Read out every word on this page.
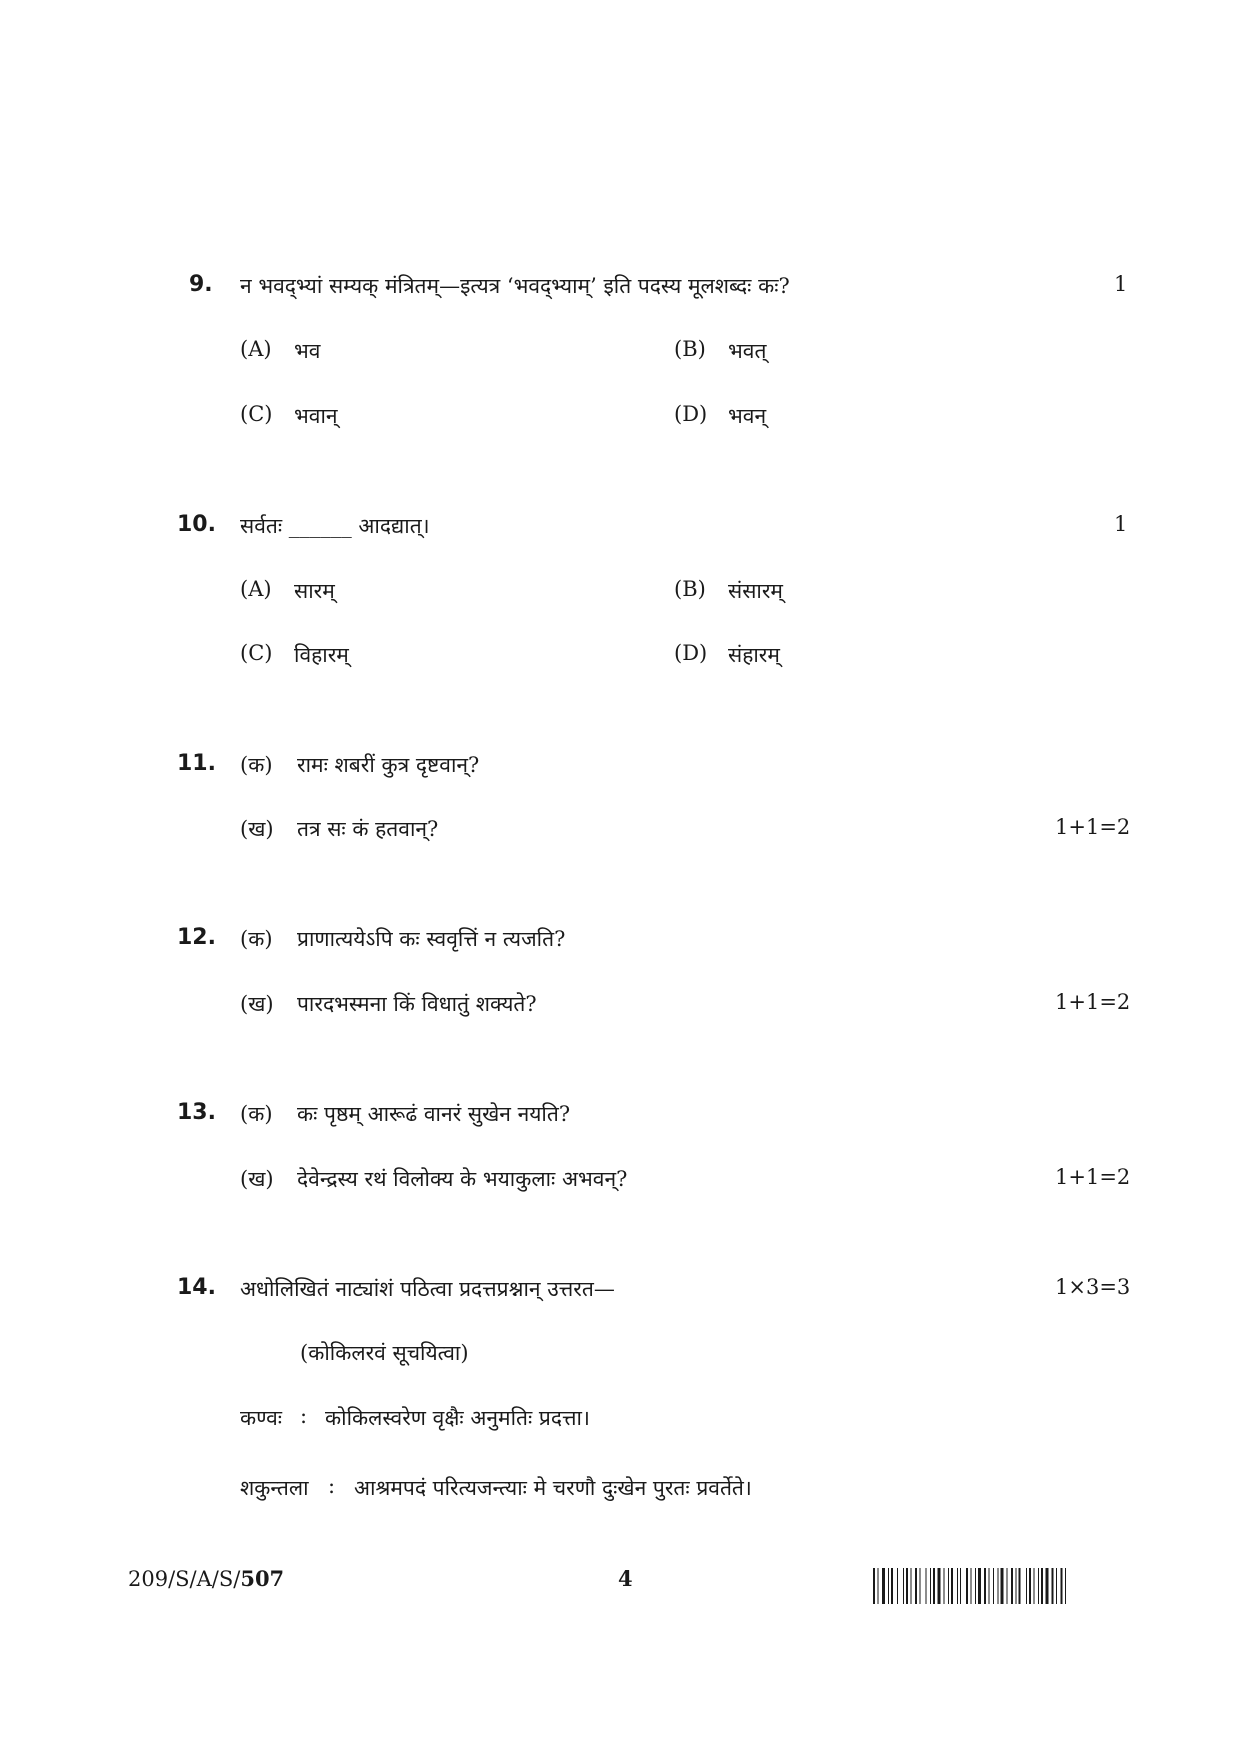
9. न भवद्भ्यां सम्यक् मंत्रितम्—इत्यत्र ‘भवद्भ्याम्’ इति पदस्य मूलशब्दः कः?	1
(A) भव	(B) भवत्
(C) भवान्	(D) भवन्
10. सर्वतः ______ आदद्यात्।	1
(A) सारम्	(B) संसारम्
(C) विहारम्	(D) संहारम्
11. (क) रामः शबरीं कुत्र दृष्टवान्?
(ख) तत्र सः कं हतवान्?	1+1=2
12. (क) प्राणात्ययेऽपि कः स्ववृत्तिं न त्यजति?
(ख) पारदभस्मना किं विधातुं शक्यते?	1+1=2
13. (क) कः पृष्ठम् आरूढं वानरं सुखेन नयति?
(ख) देवेन्द्रस्य रथं विलोक्य के भयाकुलाः अभवन्?	1+1=2
14. अधोलिखितं नाट्यांशं पठित्वा प्रदत्तप्रश्नान् उत्तरत—	1×3=3
(कोकिलरवं सूचयित्वा)
कण्वः : कोकिलस्वरेण वृक्षैः अनुमतिः प्रदत्ता।
शकुन्तला : आश्रमपदं परित्यजन्त्याः मे चरणौ दुःखेन पुरतः प्रवर्तेते।
209/S/A/S/507	4
